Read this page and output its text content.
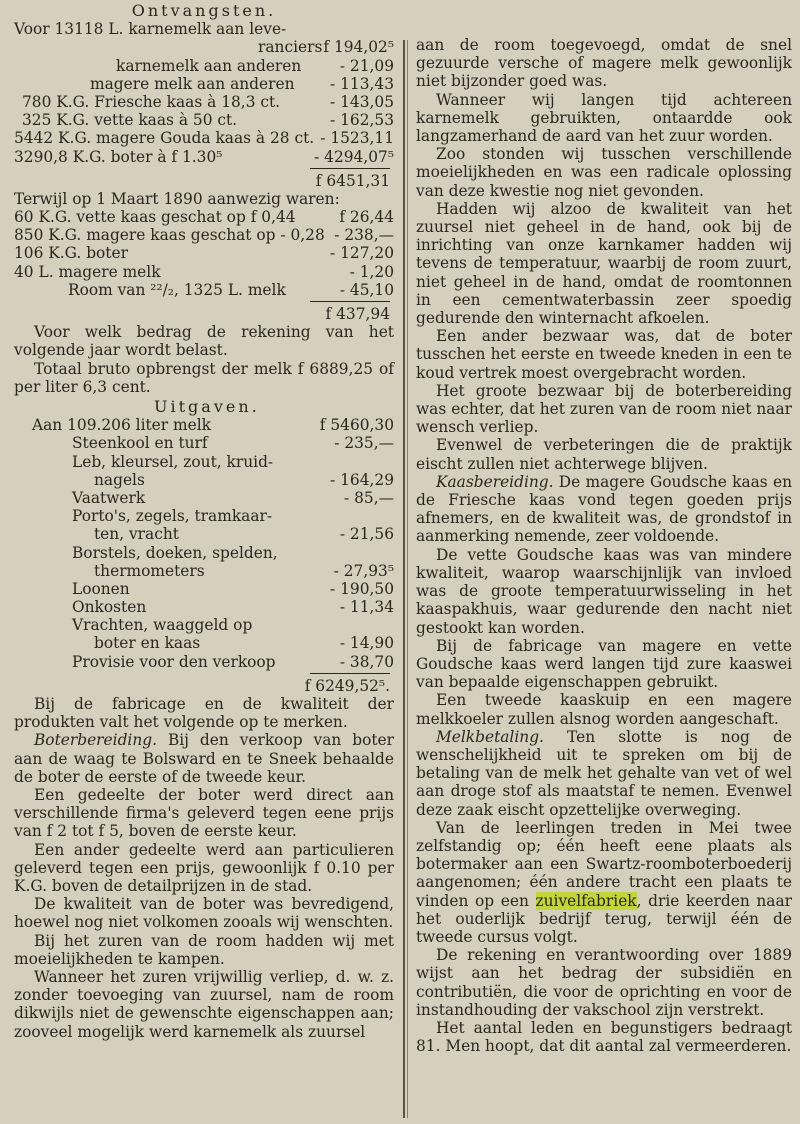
Ontvangsten.
Voor 13118 L. karnemelk aan leve-
ranciers f 194,02⁵
karnemelk aan anderen	- 21,09
magere melk aan anderen	- 113,43
780 K.G. Friesche kaas à 18,3 ct.	- 143,05
325 K.G. vette kaas à 50 ct.	- 162,53
5442 K.G. magere Gouda kaas à 28 ct. - 1523,11
3290,8 K.G. boter à f 1.30⁵	- 4294,07⁵
f 6451,31
Terwijl op 1 Maart 1890 aanwezig waren:
60 K.G. vette kaas geschat op f 0,44	f 26,44
850 K.G. magere kaas geschat op - 0,28 - 238,—
106 K.G. boter	- 127,20
40 L. magere melk	- 1,20
Room van ²²/₂, 1325 L. melk	- 45,10
f 437,94

Voor welk bedrag de rekening van het volgende jaar wordt belast.

Totaal bruto opbrengst der melk f 6889,25 of per liter 6,3 cent.

Uitgaven.
Aan 109.206 liter melk	f 5460,30
Steenkool en turf	- 235,—
Leb, kleursel, zout, kruid-
nagels	- 164,29
Vaatwerk	- 85,—
Porto's, zegels, tramkaar-
ten, vracht	- 21,56
Borstels, doeken, spelden,
thermometers	- 27,93⁵
Loonen	- 190,50
Onkosten	- 11,34
Vrachten, waaggeld op
boter en kaas	- 14,90
Provisie voor den verkoop	- 38,70
f 6249,52⁵.

Bij de fabricage en de kwaliteit der produkten valt het volgende op te merken.

Boterbereiding. Bij den verkoop van boter aan de waag te Bolsward en te Sneek behaalde de boter de eerste of de tweede keur.

Een gedeelte der boter werd direct aan verschillende firma's geleverd tegen eene prijs van f 2 tot f 5, boven de eerste keur.

Een ander gedeelte werd aan particulieren geleverd tegen een prijs, gewoonlijk f 0.10 per K.G. boven de detailprijzen in de stad.

De kwaliteit van de boter was bevredigend, hoewel nog niet volkomen zooals wij wenschten.

Bij het zuren van de room hadden wij met moeielijkheden te kampen.

Wanneer het zuren vrijwillig verliep, d. w. z. zonder toevoeging van zuursel, nam de room dikwijls niet de gewenschte eigenschappen aan; zooveel mogelijk werd karnemelk als zuursel

aan de room toegevoegd, omdat de snel gezuurde versche of magere melk gewoonlijk niet bijzonder goed was.

Wanneer wij langen tijd achtereen karnemelk gebruikten, ontaardde ook langzamerhand de aard van het zuur worden.

Zoo stonden wij tusschen verschillende moeielijkheden en was een radicale oplossing van deze kwestie nog niet gevonden.

Hadden wij alzoo de kwaliteit van het zuursel niet geheel in de hand, ook bij de inrichting van onze karnkamer hadden wij tevens de temperatuur, waarbij de room zuurt, niet geheel in de hand, omdat de roomtonnen in een cementwaterbassin zeer spoedig gedurende den winternacht afkoelen.

Een ander bezwaar was, dat de boter tusschen het eerste en tweede kneden in een te koud vertrek moest overgebracht worden.

Het groote bezwaar bij de boterbereiding was echter, dat het zuren van de room niet naar wensch verliep.

Evenwel de verbeteringen die de praktijk eischt zullen niet achterwege blijven.

Kaasbereiding. De magere Goudsche kaas en de Friesche kaas vond tegen goeden prijs afnemers, en de kwaliteit was, de grondstof in aanmerking nemende, zeer voldoende.

De vette Goudsche kaas was van mindere kwaliteit, waarop waarschijnlijk van invloed was de groote temperatuurwisseling in het kaaspakhuis, waar gedurende den nacht niet gestookt kan worden.

Bij de fabricage van magere en vette Goudsche kaas werd langen tijd zure kaaswei van bepaalde eigenschappen gebruikt.

Een tweede kaaskuip en een magere melkkoeler zullen alsnog worden aangeschaft.

Melkbetaling. Ten slotte is nog de wenschelijkheid uit te spreken om bij de betaling van de melk het gehalte van vet of wel aan droge stof als maatstaf te nemen. Evenwel deze zaak eischt opzettelijke overweging.

Van de leerlingen treden in Mei twee zelfstandig op; één heeft eene plaats als botermaker aan een Swartz-roomboterboederij aangenomen; één andere tracht een plaats te vinden op een zuivelfabriek, drie keerden naar het ouderlijk bedrijf terug, terwijl één de tweede cursus volgt.

De rekening en verantwoording over 1889 wijst aan het bedrag der subsidiën en contributiën, die voor de oprichting en voor de instandhouding der vakschool zijn verstrekt.

Het aantal leden en begunstigers bedraagt 81. Men hoopt, dat dit aantal zal vermeerderen.
